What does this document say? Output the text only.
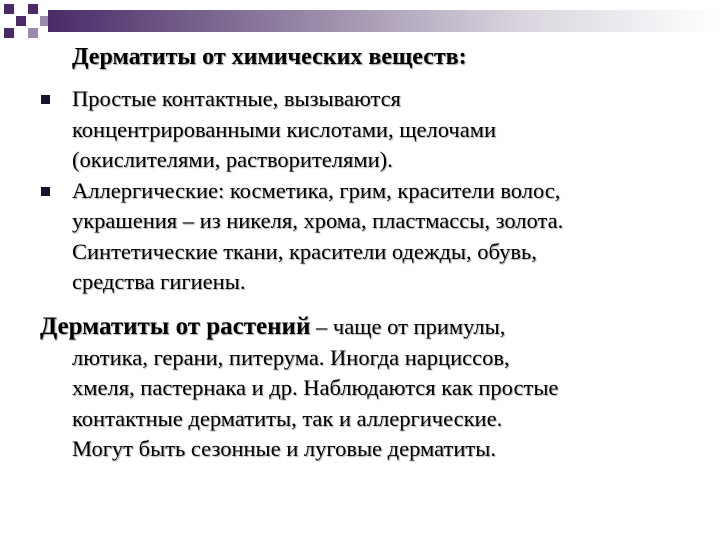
Дерматиты от химических веществ:
Простые контактные, вызываются
концентрированными кислотами, щелочами
(окислителями, растворителями).
Аллергические: косметика, грим, красители волос,
украшения – из никеля, хрома, пластмассы, золота.
Синтетические ткани, красители одежды, обувь,
средства гигиены.
Дерматиты от растений – чаще от примулы,
лютика, герани, питерума. Иногда нарциссов,
хмеля, пастернака и др. Наблюдаются как простые
контактные дерматиты, так и аллергические.
Могут быть сезонные и луговые дерматиты.
